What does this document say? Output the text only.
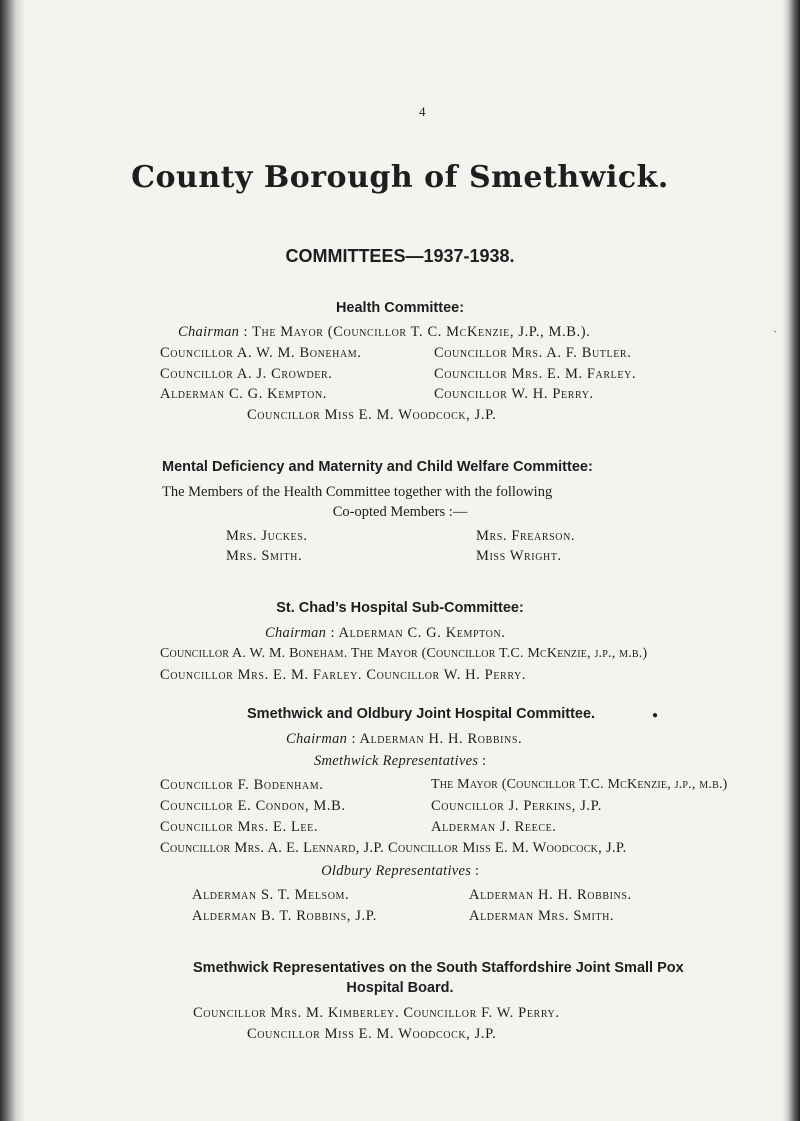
4
County Borough of Smethwick.
COMMITTEES—1937-1938.
Health Committee:
Chairman : The Mayor (Councillor T. C. McKenzie, J.P., M.B.).
Councillor A. W. M. Boneham.	Councillor Mrs. A. F. Butler.
Councillor A. J. Crowder.	Councillor Mrs. E. M. Farley.
Alderman C. G. Kempton.	Councillor W. H. Perry.
Councillor Miss E. M. Woodcock, J.P.
Mental Deficiency and Maternity and Child Welfare Committee:
The Members of the Health Committee together with the following
Co-opted Members :—
Mrs. Juckes.	Mrs. Frearson.
Mrs. Smith.	Miss Wright.
St. Chad’s Hospital Sub-Committee:
Chairman : Alderman C. G. Kempton.
Councillor A. W. M. Boneham. The Mayor (Councillor T.C. McKenzie, j.p., m.b.)
Councillor Mrs. E. M. Farley. Councillor W. H. Perry.
Smethwick and Oldbury Joint Hospital Committee.	●
Chairman : Alderman H. H. Robbins.
Smethwick Representatives :
Councillor F. Bodenham.	The Mayor (Councillor T.C. McKenzie, j.p., m.b.)
Councillor E. Condon, M.B.	Councillor J. Perkins, J.P.
Councillor Mrs. E. Lee.	Alderman J. Reece.
Councillor Mrs. A. E. Lennard, J.P. Councillor Miss E. M. Woodcock, J.P.
Oldbury Representatives :
Alderman S. T. Melsom.	Alderman H. H. Robbins.
Alderman B. T. Robbins, J.P.	Alderman Mrs. Smith.
Smethwick Representatives on the South Staffordshire Joint Small Pox
Hospital Board.
Councillor Mrs. M. Kimberley. Councillor F. W. Perry.
Councillor Miss E. M. Woodcock, J.P.
`
